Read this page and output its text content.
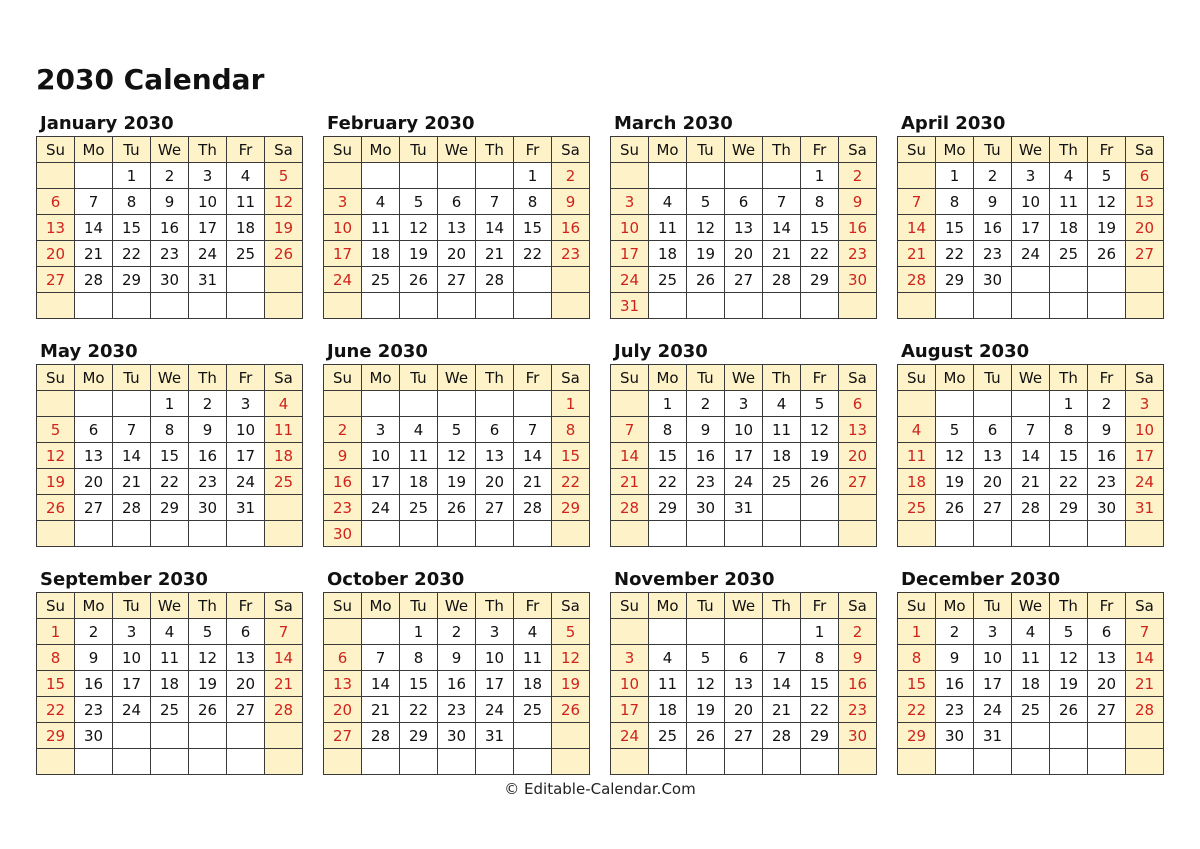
2030 Calendar
January 2030
Su	Mo	Tu	We	Th	Fr	Sa
		1	2	3	4	5
6	7	8	9	10	11	12
13	14	15	16	17	18	19
20	21	22	23	24	25	26
27	28	29	30	31		

February 2030
Su	Mo	Tu	We	Th	Fr	Sa
					1	2
3	4	5	6	7	8	9
10	11	12	13	14	15	16
17	18	19	20	21	22	23
24	25	26	27	28		

March 2030
Su	Mo	Tu	We	Th	Fr	Sa
					1	2
3	4	5	6	7	8	9
10	11	12	13	14	15	16
17	18	19	20	21	22	23
24	25	26	27	28	29	30
31						
April 2030
Su	Mo	Tu	We	Th	Fr	Sa
	1	2	3	4	5	6
7	8	9	10	11	12	13
14	15	16	17	18	19	20
21	22	23	24	25	26	27
28	29	30				

May 2030
Su	Mo	Tu	We	Th	Fr	Sa
			1	2	3	4
5	6	7	8	9	10	11
12	13	14	15	16	17	18
19	20	21	22	23	24	25
26	27	28	29	30	31	

June 2030
Su	Mo	Tu	We	Th	Fr	Sa
						1
2	3	4	5	6	7	8
9	10	11	12	13	14	15
16	17	18	19	20	21	22
23	24	25	26	27	28	29
30						
July 2030
Su	Mo	Tu	We	Th	Fr	Sa
	1	2	3	4	5	6
7	8	9	10	11	12	13
14	15	16	17	18	19	20
21	22	23	24	25	26	27
28	29	30	31			

August 2030
Su	Mo	Tu	We	Th	Fr	Sa
				1	2	3
4	5	6	7	8	9	10
11	12	13	14	15	16	17
18	19	20	21	22	23	24
25	26	27	28	29	30	31

September 2030
Su	Mo	Tu	We	Th	Fr	Sa
1	2	3	4	5	6	7
8	9	10	11	12	13	14
15	16	17	18	19	20	21
22	23	24	25	26	27	28
29	30					

October 2030
Su	Mo	Tu	We	Th	Fr	Sa
		1	2	3	4	5
6	7	8	9	10	11	12
13	14	15	16	17	18	19
20	21	22	23	24	25	26
27	28	29	30	31		

November 2030
Su	Mo	Tu	We	Th	Fr	Sa
					1	2
3	4	5	6	7	8	9
10	11	12	13	14	15	16
17	18	19	20	21	22	23
24	25	26	27	28	29	30

December 2030
Su	Mo	Tu	We	Th	Fr	Sa
1	2	3	4	5	6	7
8	9	10	11	12	13	14
15	16	17	18	19	20	21
22	23	24	25	26	27	28
29	30	31				

© Editable-Calendar.Com
